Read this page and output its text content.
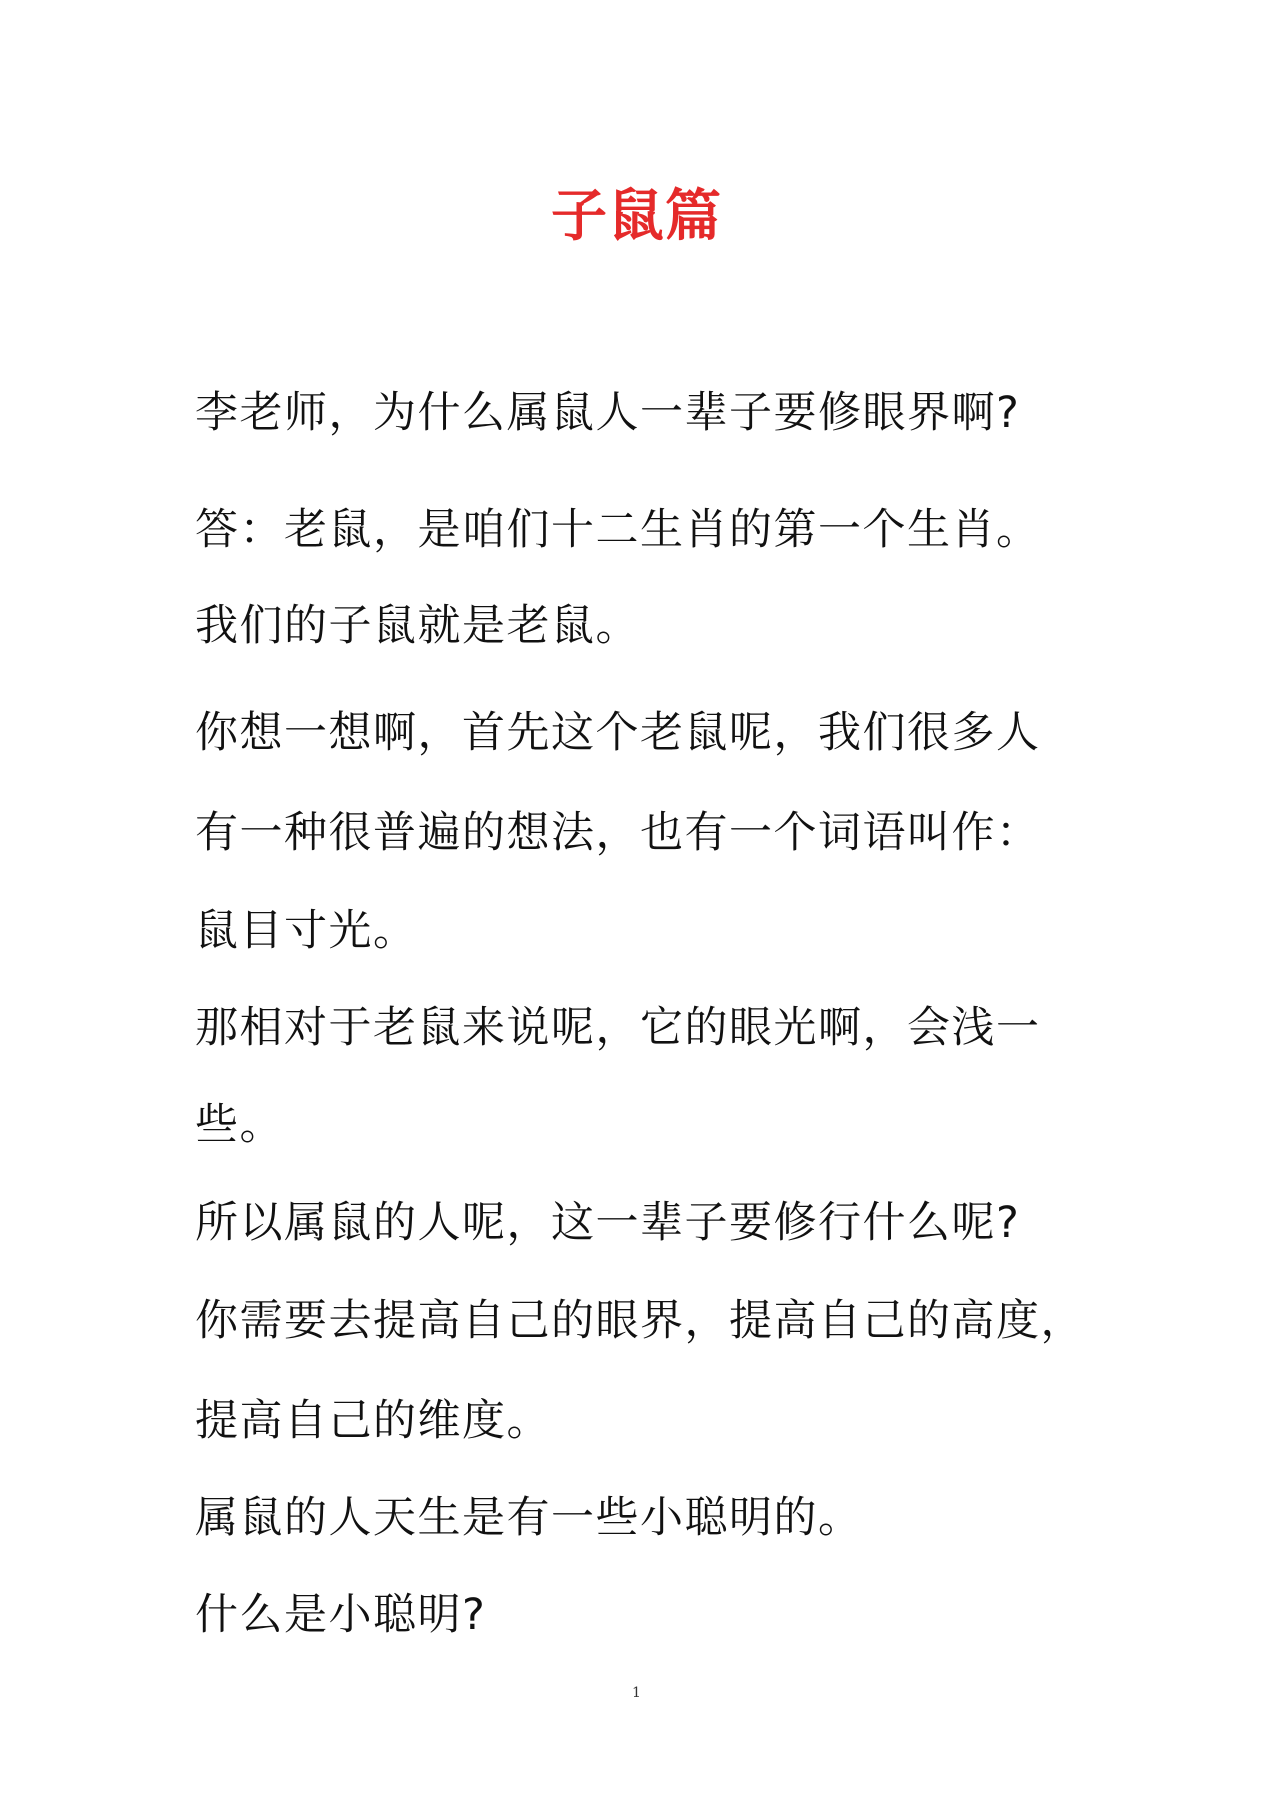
子鼠篇

李老师，为什么属鼠人一辈子要修眼界啊?

答：老鼠，是咱们十二生肖的第一个生肖。

我们的子鼠就是老鼠。

你想一想啊，首先这个老鼠呢，我们很多人

有一种很普遍的想法，也有一个词语叫作：

鼠目寸光。

那相对于老鼠来说呢，它的眼光啊，会浅一

些。

所以属鼠的人呢，这一辈子要修行什么呢?

你需要去提高自己的眼界，提高自己的高度，

提高自己的维度。

属鼠的人天生是有一些小聪明的。

什么是小聪明?

1
